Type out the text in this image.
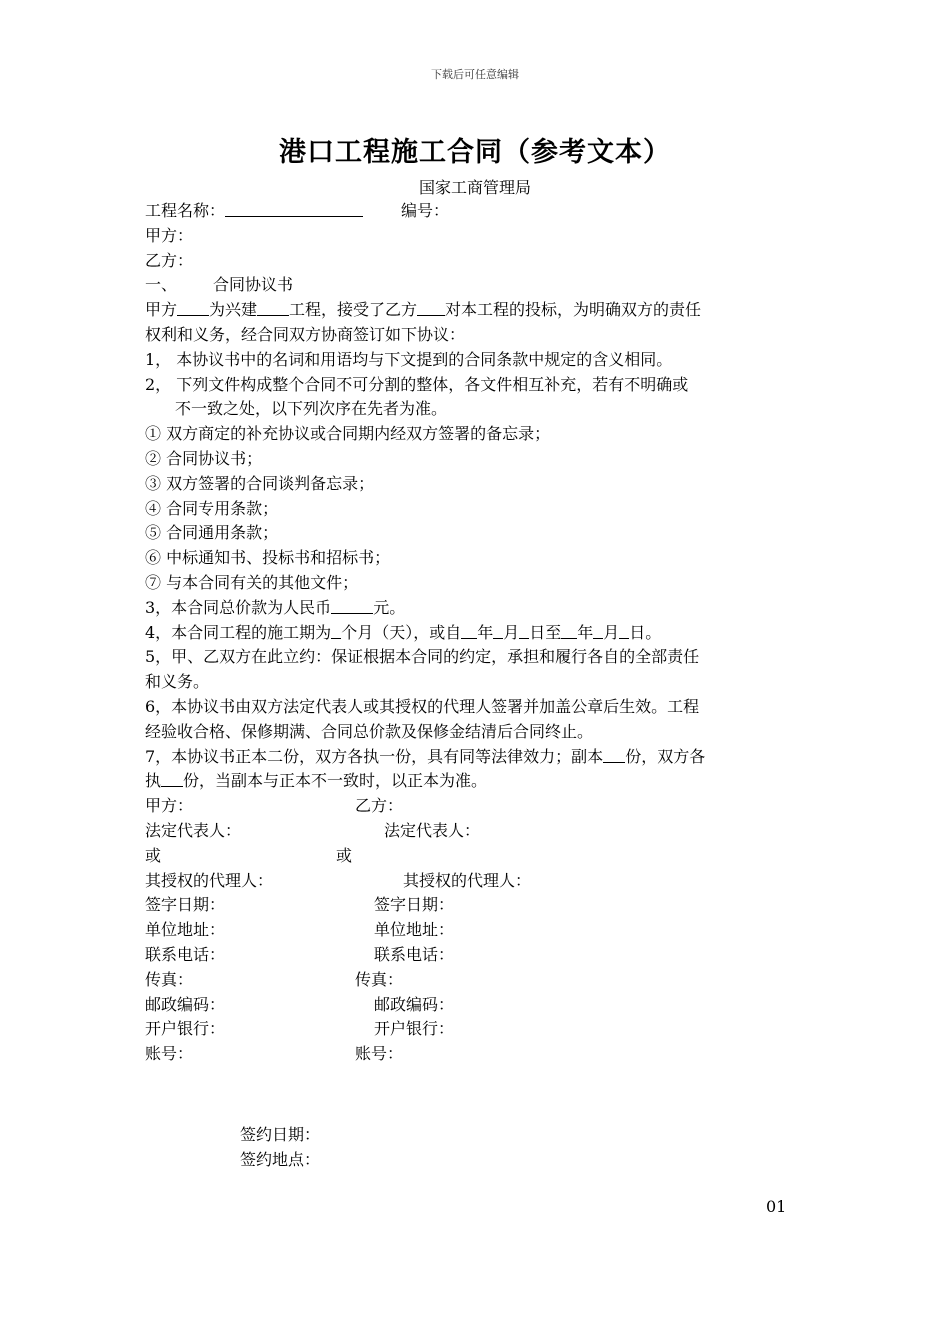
下载后可任意编辑
港口工程施工合同（参考文本）
国家工商管理局
工程名称：	编号：
甲方：
乙方：
一、 合同协议书
甲方 为兴建 工程，接受了乙方 对本工程的投标，为明确双方的责任
权利和义务，经合同双方协商签订如下协议：
1， 本协议书中的名词和用语均与下文提到的合同条款中规定的含义相同。
2， 下列文件构成整个合同不可分割的整体，各文件相互补充，若有不明确或
不一致之处，以下列次序在先者为准。
① 双方商定的补充协议或合同期内经双方签署的备忘录；
② 合同协议书；
③ 双方签署的合同谈判备忘录；
④ 合同专用条款；
⑤ 合同通用条款；
⑥ 中标通知书、投标书和招标书；
⑦ 与本合同有关的其他文件；
3，本合同总价款为人民币	元。
4，本合同工程的施工期为 个月（天），或自 年 月 日至 年 月 日。
5，甲、乙双方在此立约：保证根据本合同的约定，承担和履行各自的全部责任
和义务。
6，本协议书由双方法定代表人或其授权的代理人签署并加盖公章后生效。工程
经验收合格、保修期满、合同总价款及保修金结清后合同终止。
7，本协议书正本二份，双方各执一份，具有同等法律效力；副本 份，双方各
执 份，当副本与正本不一致时，以正本为准。
甲方：	乙方：
法定代表人：	法定代表人：
或	或
其授权的代理人：	其授权的代理人：
签字日期：	签字日期：
单位地址：	单位地址：
联系电话：	联系电话：
传真：	传真：
邮政编码：	邮政编码：
开户银行：	开户银行：
账号：	账号：
签约日期：
签约地点：
01
